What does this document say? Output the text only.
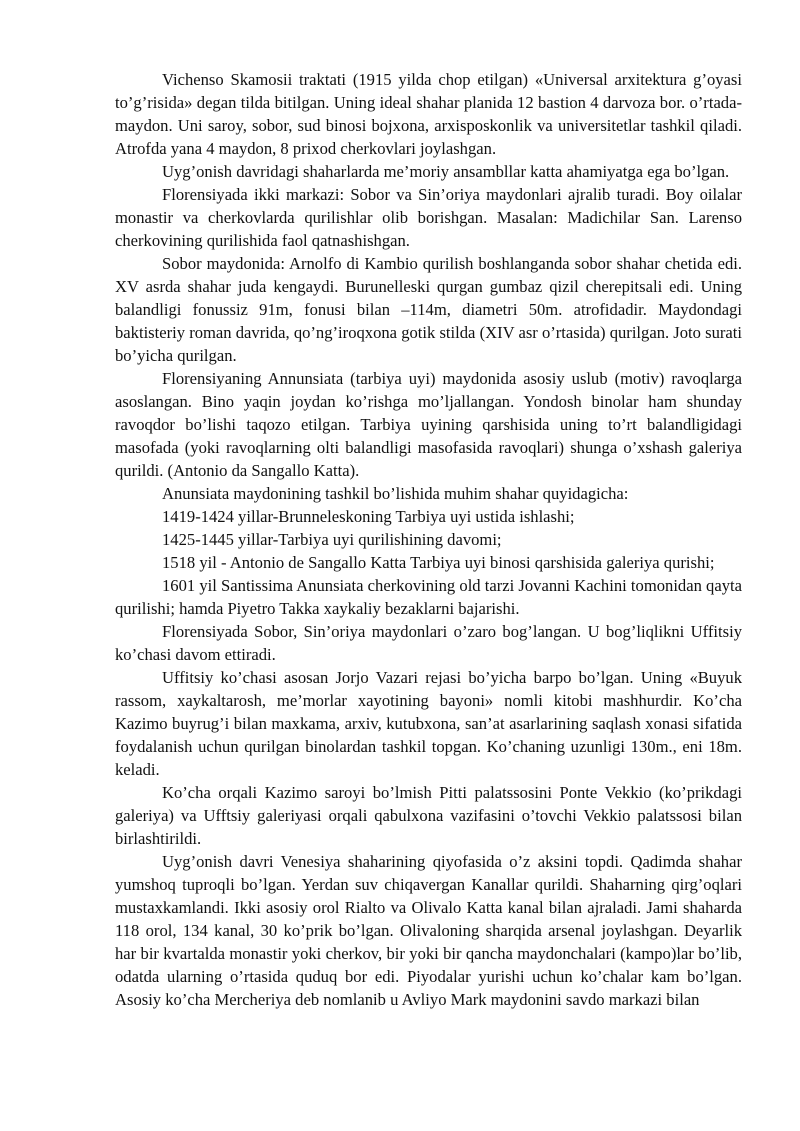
Vichenso Skamosii traktati (1915 yilda chop etilgan) «Universal arxitektura g’oyasi to’g’risida» degan tilda bitilgan. Uning ideal shahar planida 12 bastion 4 darvoza bor. o’rtada-maydon. Uni saroy, sobor, sud binosi bojxona, arxisposkonlik va universitetlar tashkil qiladi. Atrofda yana 4 maydon, 8 prixod cherkovlari joylashgan.

Uyg’onish davridagi shaharlarda me’moriy ansambllar katta ahamiyatga ega bo’lgan.

Florensiyada ikki markazi: Sobor va Sin’oriya maydonlari ajralib turadi. Boy oilalar monastir va cherkovlarda qurilishlar olib borishgan. Masalan: Madichilar San. Larenso cherkovining qurilishida faol qatnashishgan.

Sobor maydonida: Arnolfo di Kambio qurilish boshlanganda sobor shahar chetida edi. XV asrda shahar juda kengaydi. Burunelleski qurgan gumbaz qizil cherepitsali edi. Uning balandligi fonussiz 91m, fonusi bilan –114m, diametri 50m. atrofidadir. Maydondagi baktisteriy roman davrida, qo’ng’iroqxona gotik stilda (XIV asr o’rtasida) qurilgan. Joto surati bo’yicha qurilgan.

Florensiyaning Annunsiata (tarbiya uyi) maydonida asosiy uslub (motiv) ravoqlarga asoslangan. Bino yaqin joydan ko’rishga mo’ljallangan. Yondosh binolar ham shunday ravoqdor bo’lishi taqozo etilgan. Tarbiya uyining qarshisida uning to’rt balandligidagi masofada (yoki ravoqlarning olti balandligi masofasida ravoqlari) shunga o’xshash galeriya qurildi. (Antonio da Sangallo Katta).

Anunsiata maydonining tashkil bo’lishida muhim shahar quyidagicha:

1419-1424 yillar-Brunneleskoning Tarbiya uyi ustida ishlashi;

1425-1445 yillar-Tarbiya uyi qurilishining davomi;

1518 yil - Antonio de Sangallo Katta Tarbiya uyi binosi qarshisida galeriya qurishi;

1601 yil Santissima Anunsiata cherkovining old tarzi Jovanni Kachini tomonidan qayta qurilishi; hamda Piyetro Takka xaykaliy bezaklarni bajarishi.

Florensiyada Sobor, Sin’oriya maydonlari o’zaro bog’langan. U bog’liqlikni Uffitsiy ko’chasi davom ettiradi.

Uffitsiy ko’chasi asosan Jorjo Vazari rejasi bo’yicha barpo bo’lgan. Uning «Buyuk rassom, xaykaltarosh, me’morlar xayotining bayoni» nomli kitobi mashhurdir. Ko’cha Kazimo buyrug’i bilan maxkama, arxiv, kutubxona, san’at asarlarining saqlash xonasi sifatida foydalanish uchun qurilgan binolardan tashkil topgan. Ko’chaning uzunligi 130m., eni 18m. keladi.

Ko’cha orqali Kazimo saroyi bo’lmish Pitti palatssosini Ponte Vekkio (ko’prikdagi galeriya) va Ufftsiy galeriyasi orqali qabulxona vazifasini o’tovchi Vekkio palatssosi bilan birlashtirildi.

Uyg’onish davri Venesiya shaharining qiyofasida o’z aksini topdi. Qadimda shahar yumshoq tuproqli bo’lgan. Yerdan suv chiqavergan Kanallar qurildi. Shaharning qirg’oqlari mustaxkamlandi. Ikki asosiy orol Rialto va Olivalo Katta kanal bilan ajraladi. Jami shaharda 118 orol, 134 kanal, 30 ko’prik bo’lgan. Olivaloning sharqida arsenal joylashgan. Deyarlik har bir kvartalda monastir yoki cherkov, bir yoki bir qancha maydonchalari (kampo)lar bo’lib, odatda ularning o’rtasida quduq bor edi. Piyodalar yurishi uchun ko’chalar kam bo’lgan. Asosiy ko’cha Mercheriya deb nomlanib u Avliyo Mark maydonini savdo markazi bilan
